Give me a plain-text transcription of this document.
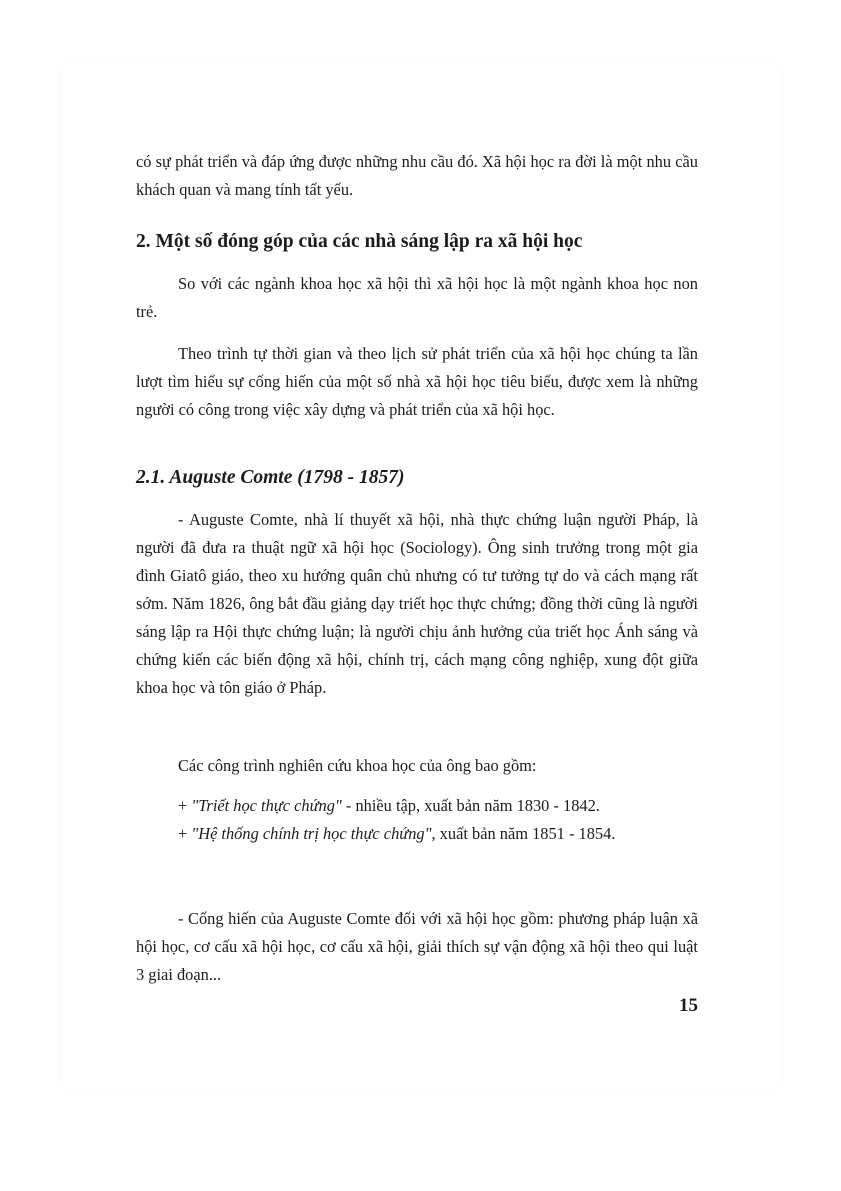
có sự phát triển và đáp ứng được những nhu cầu đó. Xã hội học ra đời là một nhu cầu khách quan và mang tính tất yếu.

2. Một số đóng góp của các nhà sáng lập ra xã hội học

So với các ngành khoa học xã hội thì xã hội học là một ngành khoa học non trẻ.

Theo trình tự thời gian và theo lịch sử phát triển của xã hội học chúng ta lần lượt tìm hiểu sự cống hiến của một số nhà xã hội học tiêu biểu, được xem là những người có công trong việc xây dựng và phát triển của xã hội học.

2.1. Auguste Comte (1798 - 1857)

- Auguste Comte, nhà lí thuyết xã hội, nhà thực chứng luận người Pháp, là người đã đưa ra thuật ngữ xã hội học (Sociology). Ông sinh trưởng trong một gia đình Giatô giáo, theo xu hướng quân chủ nhưng có tư tưởng tự do và cách mạng rất sớm. Năm 1826, ông bắt đầu giảng dạy triết học thực chứng; đồng thời cũng là người sáng lập ra Hội thực chứng luận; là người chịu ảnh hưởng của triết học Ánh sáng và chứng kiến các biến động xã hội, chính trị, cách mạng công nghiệp, xung đột giữa khoa học và tôn giáo ở Pháp.

Các công trình nghiên cứu khoa học của ông bao gồm:

+ "Triết học thực chứng" - nhiều tập, xuất bản năm 1830 - 1842.

+ "Hệ thống chính trị học thực chứng", xuất bản năm 1851 - 1854.

- Cống hiến của Auguste Comte đối với xã hội học gồm: phương pháp luận xã hội học, cơ cấu xã hội học, cơ cấu xã hội, giải thích sự vận động xã hội theo qui luật 3 giai đoạn...

15
